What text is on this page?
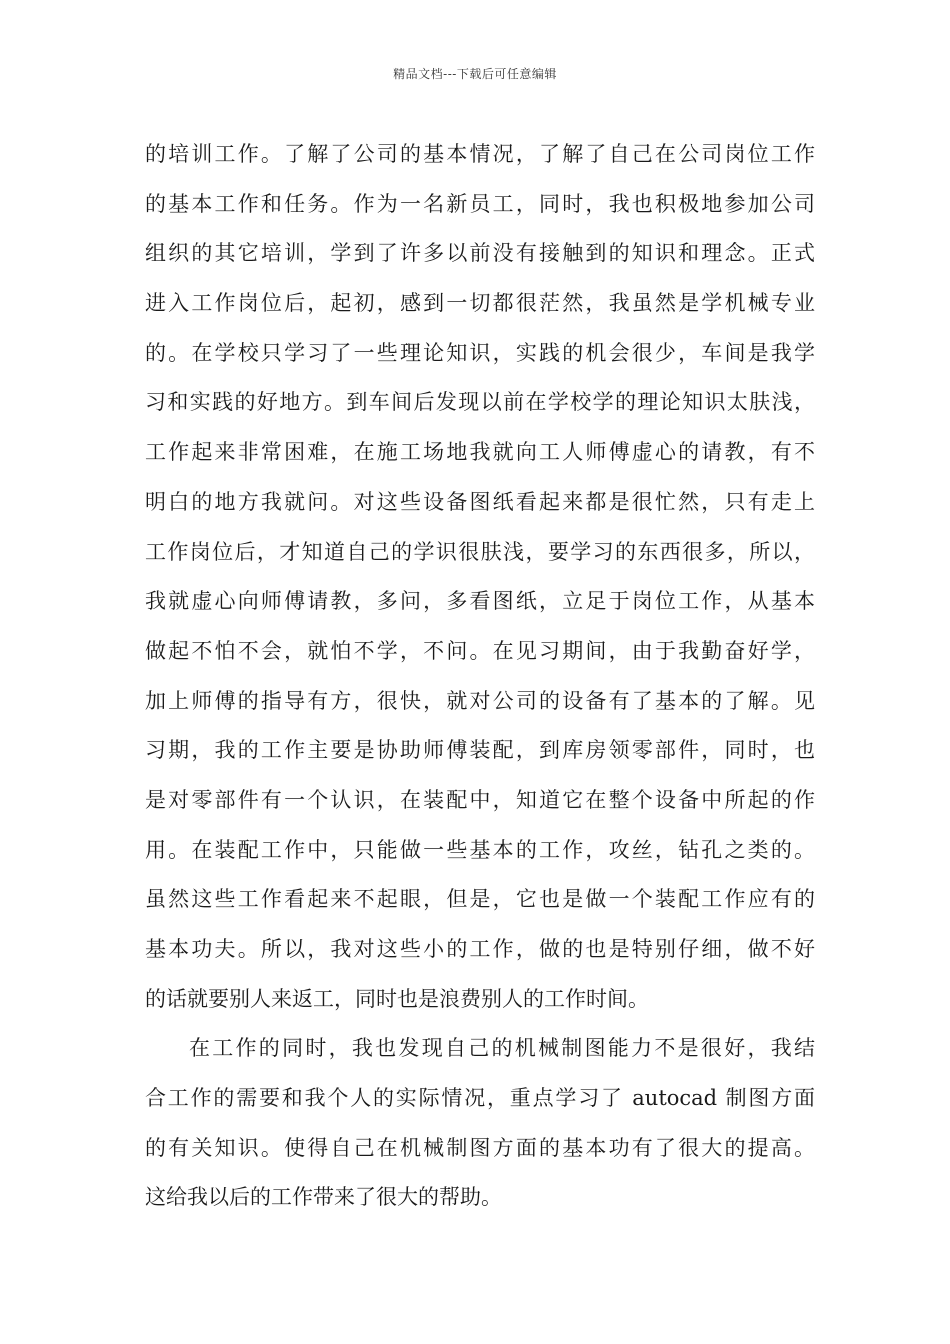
精品文档---下载后可任意编辑
的培训工作。了解了公司的基本情况，了解了自己在公司岗位工作
的基本工作和任务。作为一名新员工，同时，我也积极地参加公司
组织的其它培训，学到了许多以前没有接触到的知识和理念。正式
进入工作岗位后，起初，感到一切都很茫然，我虽然是学机械专业
的。在学校只学习了一些理论知识，实践的机会很少，车间是我学
习和实践的好地方。到车间后发现以前在学校学的理论知识太肤浅，
工作起来非常困难，在施工场地我就向工人师傅虚心的请教，有不
明白的地方我就问。对这些设备图纸看起来都是很忙然，只有走上
工作岗位后，才知道自己的学识很肤浅，要学习的东西很多，所以，
我就虚心向师傅请教，多问，多看图纸，立足于岗位工作，从基本
做起不怕不会，就怕不学，不问。在见习期间，由于我勤奋好学，
加上师傅的指导有方，很快，就对公司的设备有了基本的了解。见
习期，我的工作主要是协助师傅装配，到库房领零部件，同时，也
是对零部件有一个认识，在装配中，知道它在整个设备中所起的作
用。在装配工作中，只能做一些基本的工作，攻丝，钻孔之类的。
虽然这些工作看起来不起眼，但是，它也是做一个装配工作应有的
基本功夫。所以，我对这些小的工作，做的也是特别仔细，做不好
的话就要别人来返工，同时也是浪费别人的工作时间。
在工作的同时，我也发现自己的机械制图能力不是很好，我结
合工作的需要和我个人的实际情况，重点学习了 autocad 制图方面
的有关知识。使得自己在机械制图方面的基本功有了很大的提高。
这给我以后的工作带来了很大的帮助。
